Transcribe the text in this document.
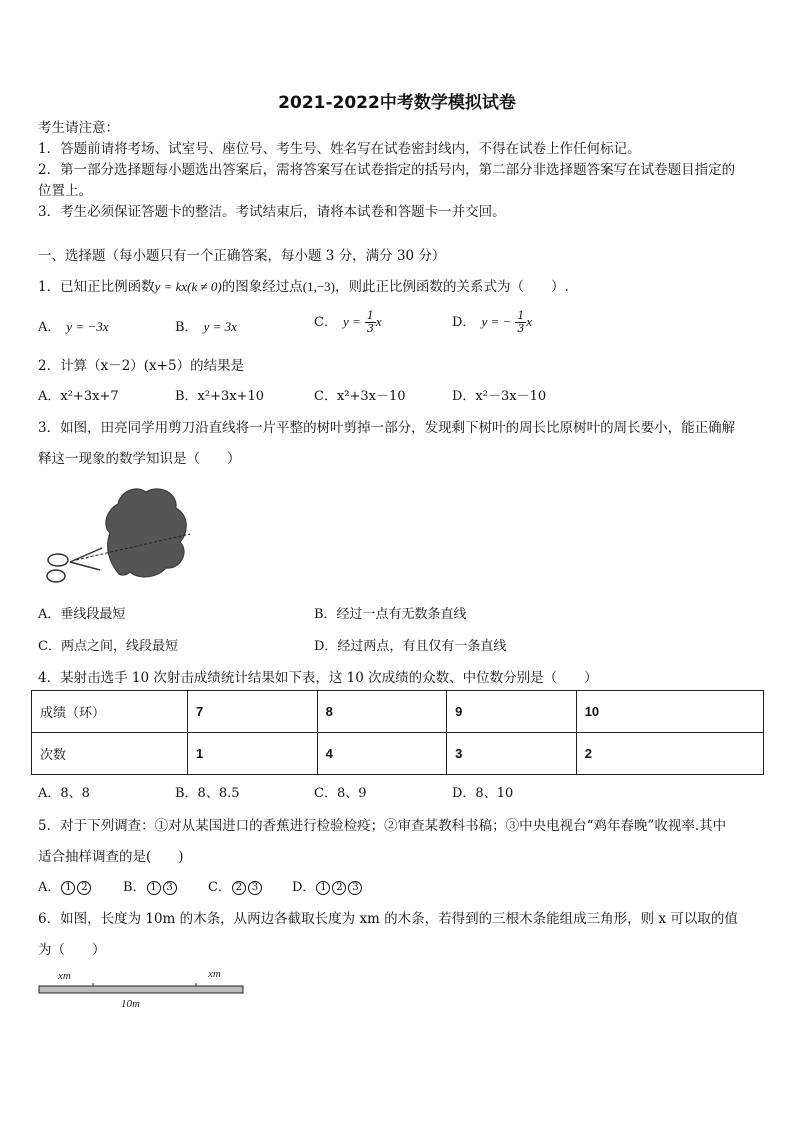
2021-2022中考数学模拟试卷
考生请注意：
1．答题前请将考场、试室号、座位号、考生号、姓名写在试卷密封线内，不得在试卷上作任何标记。
2．第一部分选择题每小题选出答案后，需将答案写在试卷指定的括号内，第二部分非选择题答案写在试卷题目指定的
位置上。
3．考生必须保证答题卡的整洁。考试结束后，请将本试卷和答题卡一并交回。
一、选择题（每小题只有一个正确答案，每小题 3 分，满分 30 分）
1．已知正比例函数y = kx(k ≠ 0)的图象经过点(1,−3)，则此正比例函数的关系式为（　　）.
A． y = −3x	B． y = 3x	C． $y = \frac{1}{3}$ x	D． y = − $\frac{1}{3}$ x
2．计算（x－2）(x+5）的结果是
A．x²+3x+7	B．x²+3x+10	C．x²+3x－10	D．x²－3x－10
3．如图，田亮同学用剪刀沿直线将一片平整的树叶剪掉一部分，发现剩下树叶的周长比原树叶的周长要小，能正确解
释这一现象的数学知识是（　　）
A．垂线段最短	B．经过一点有无数条直线
C．两点之间，线段最短	D．经过两点，有且仅有一条直线
4．某射击选手 10 次射击成绩统计结果如下表，这 10 次成绩的众数、中位数分别是（　　）
成绩（环）	7	8	9	10
次数	1	4	3	2
A．8、8	B．8、8.5	C．8、9	D．8、10
5．对于下列调查：①对从某国进口的香蕉进行检验检疫；②审查某教科书稿；③中央电视台“鸡年春晚”收视率.其中
适合抽样调查的是(　　)
A． 1 2	B． 1 3	C． 2 3	D． 1 2 3
6．如图，长度为 10m 的木条，从两边各截取长度为 xm 的木条，若得到的三根木条能组成三角形，则 x 可以取的值
为（　　）
xm	xm
10m
